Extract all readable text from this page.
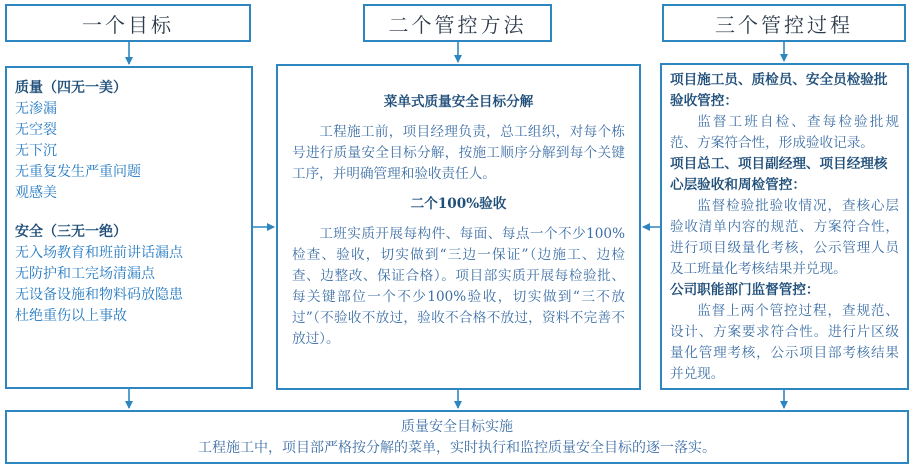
一个目标	二个管控方法	三个管控过程

质量（四无一美）

无渗漏

无空裂

无下沉

无重复发生严重问题

观感美

安全（三无一绝）

无入场教育和班前讲话漏点

无防护和工完场清漏点

无设备设施和物料码放隐患

杜绝重伤以上事故

菜单式质量安全目标分解

工程施工前，项目经理负责，总工组织，对每个栋号进行质量安全目标分解，按施工顺序分解到每个关键工序，并明确管理和验收责任人。

二个100%验收

工班实质开展每构件、每面、每点一个不少100%检查、验收，切实做到“三边一保证”（边施工、边检查、边整改、保证合格）。项目部实质开展每检验批、每关键部位一个不少100%验收，切实做到“三不放过”（不验收不放过，验收不合格不放过，资料不完善不放过）。

项目施工员、质检员、安全员检验批验收管控：

监督工班自检、查每检验批规范、方案符合性，形成验收记录。

项目总工、项目副经理、项目经理核心层验收和周检管控：

监督检验批验收情况，查核心层验收清单内容的规范、方案符合性，进行项目级量化考核，公示管理人员及工班量化考核结果并兑现。

公司职能部门监督管控：

监督上两个管控过程，查规范、设计、方案要求符合性。进行片区级量化管理考核，公示项目部考核结果并兑现。

质量安全目标实施

工程施工中，项目部严格按分解的菜单，实时执行和监控质量安全目标的逐一落实。
